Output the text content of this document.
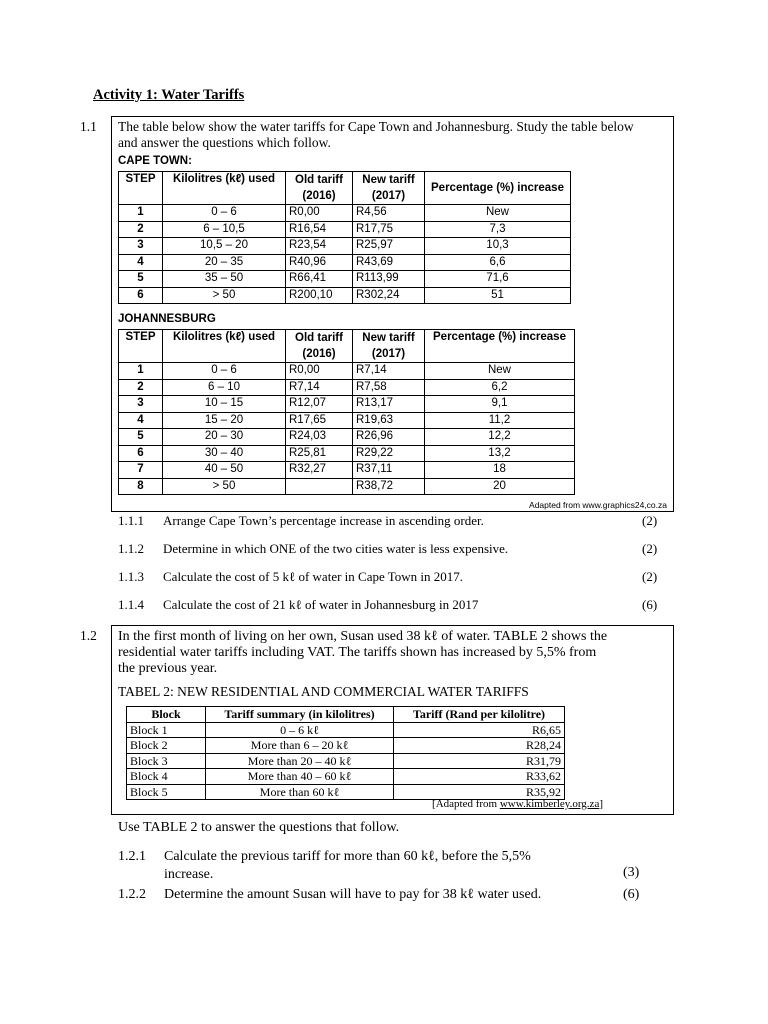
Activity 1: Water Tariffs
1.1 The table below show the water tariffs for Cape Town and Johannesburg. Study the table below
and answer the questions which follow.
CAPE TOWN:
STEP	Kilolitres (kℓ) used	Old tariff (2016)	New tariff (2017)	Percentage (%) increase
1	0 – 6	R0,00	R4,56	New
2	6 – 10,5	R16,54	R17,75	7,3
3	10,5 – 20	R23,54	R25,97	10,3
4	20 – 35	R40,96	R43,69	6,6
5	35 – 50	R66,41	R113,99	71,6
6	> 50	R200,10	R302,24	51
JOHANNESBURG
STEP	Kilolitres (kℓ) used	Old tariff (2016)	New tariff (2017)	Percentage (%) increase
1	0 – 6	R0,00	R7,14	New
2	6 – 10	R7,14	R7,58	6,2
3	10 – 15	R12,07	R13,17	9,1
4	15 – 20	R17,65	R19,63	11,2
5	20 – 30	R24,03	R26,96	12,2
6	30 – 40	R25,81	R29,22	13,2
7	40 – 50	R32,27	R37,11	18
8	> 50		R38,72	20
Adapted from www.graphics24,co.za
1.1.1 Arrange Cape Town’s percentage increase in ascending order.	(2)
1.1.2 Determine in which ONE of the two cities water is less expensive.	(2)
1.1.3 Calculate the cost of 5 kℓ of water in Cape Town in 2017.	(2)
1.1.4 Calculate the cost of 21 kℓ of water in Johannesburg in 2017	(6)
1.2 In the first month of living on her own, Susan used 38 kℓ of water. TABLE 2 shows the
residential water tariffs including VAT. The tariffs shown has increased by 5,5% from
the previous year.
TABEL 2: NEW RESIDENTIAL AND COMMERCIAL WATER TARIFFS
Block	Tariff summary (in kilolitres)	Tariff (Rand per kilolitre)
Block 1	0 – 6 kℓ	R6,65
Block 2	More than 6 – 20 kℓ	R28,24
Block 3	More than 20 – 40 kℓ	R31,79
Block 4	More than 40 – 60 kℓ	R33,62
Block 5	More than 60 kℓ	R35,92
[Adapted from www.kimberley.org.za]
Use TABLE 2 to answer the questions that follow.
1.2.1 Calculate the previous tariff for more than 60 kℓ, before the 5,5%
increase.	(3)
1.2.2 Determine the amount Susan will have to pay for 38 kℓ water used.	(6)
